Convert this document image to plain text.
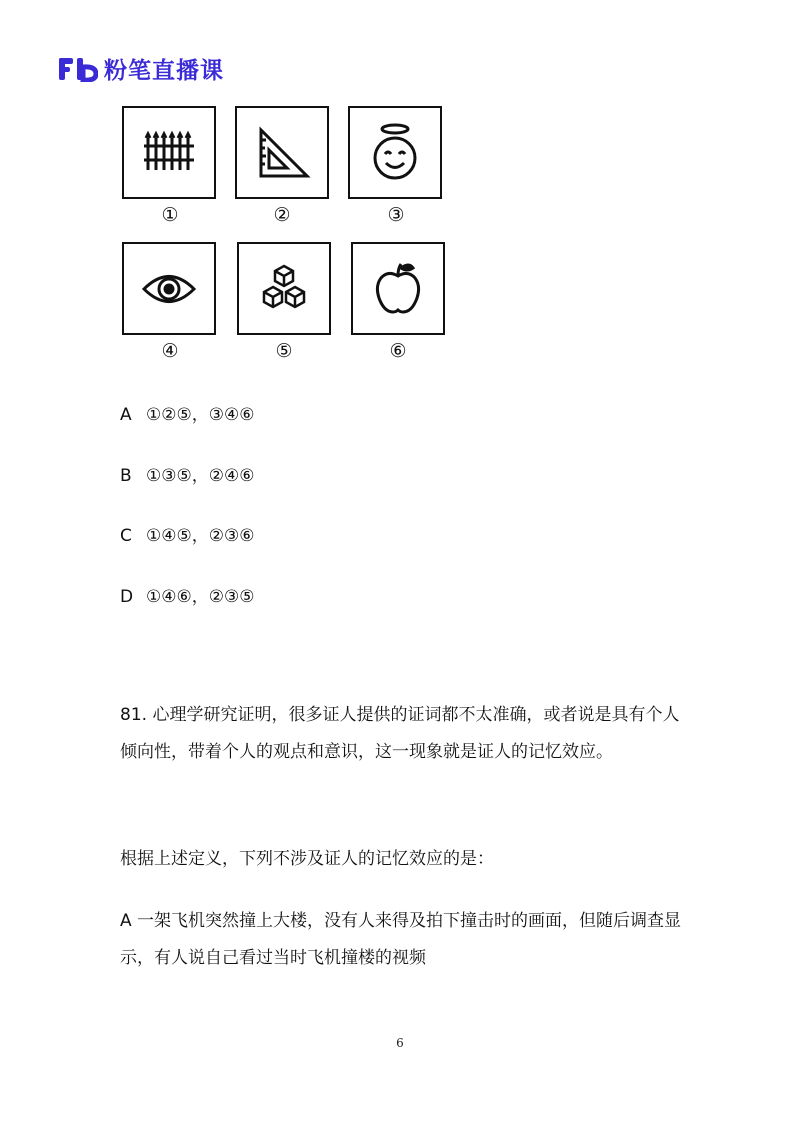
粉笔直播课
①	②	③
④	⑤	⑥
A ①②⑤，③④⑥
B ①③⑤，②④⑥
C ①④⑤，②③⑥
D ①④⑥，②③⑤
81. 心理学研究证明，很多证人提供的证词都不太准确，或者说是具有个人倾向性，带着个人的观点和意识，这一现象就是证人的记忆效应。
根据上述定义，下列不涉及证人的记忆效应的是：
A 一架飞机突然撞上大楼，没有人来得及拍下撞击时的画面，但随后调查显示，有人说自己看过当时飞机撞楼的视频
6
